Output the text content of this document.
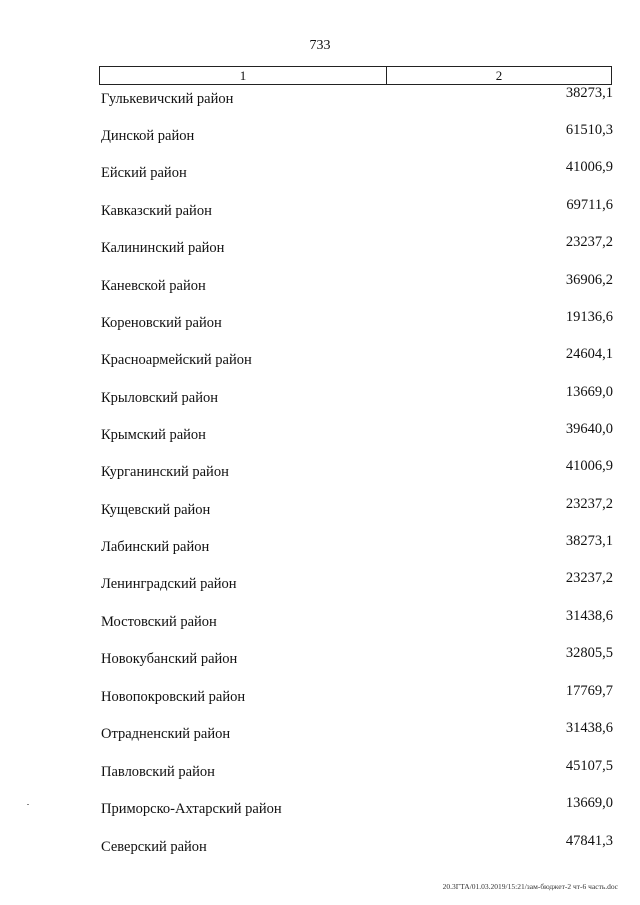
733
1	2
Гулькевичский район	38273,1
Динской район	61510,3
Ейский район	41006,9
Кавказский район	69711,6
Калининский район	23237,2
Каневской район	36906,2
Кореновский район	19136,6
Красноармейский район	24604,1
Крыловский район	13669,0
Крымский район	39640,0
Курганинский район	41006,9
Кущевский район	23237,2
Лабинский район	38273,1
Ленинградский район	23237,2
Мостовский район	31438,6
Новокубанский район	32805,5
Новопокровский район	17769,7
Отрадненский район	31438,6
Павловский район	45107,5
Приморско-Ахтарский район	13669,0
Северский район	47841,3
20.3ГТА/01.03.2019/15:21/зам-бюджет-2 чт-6 часть.doc
